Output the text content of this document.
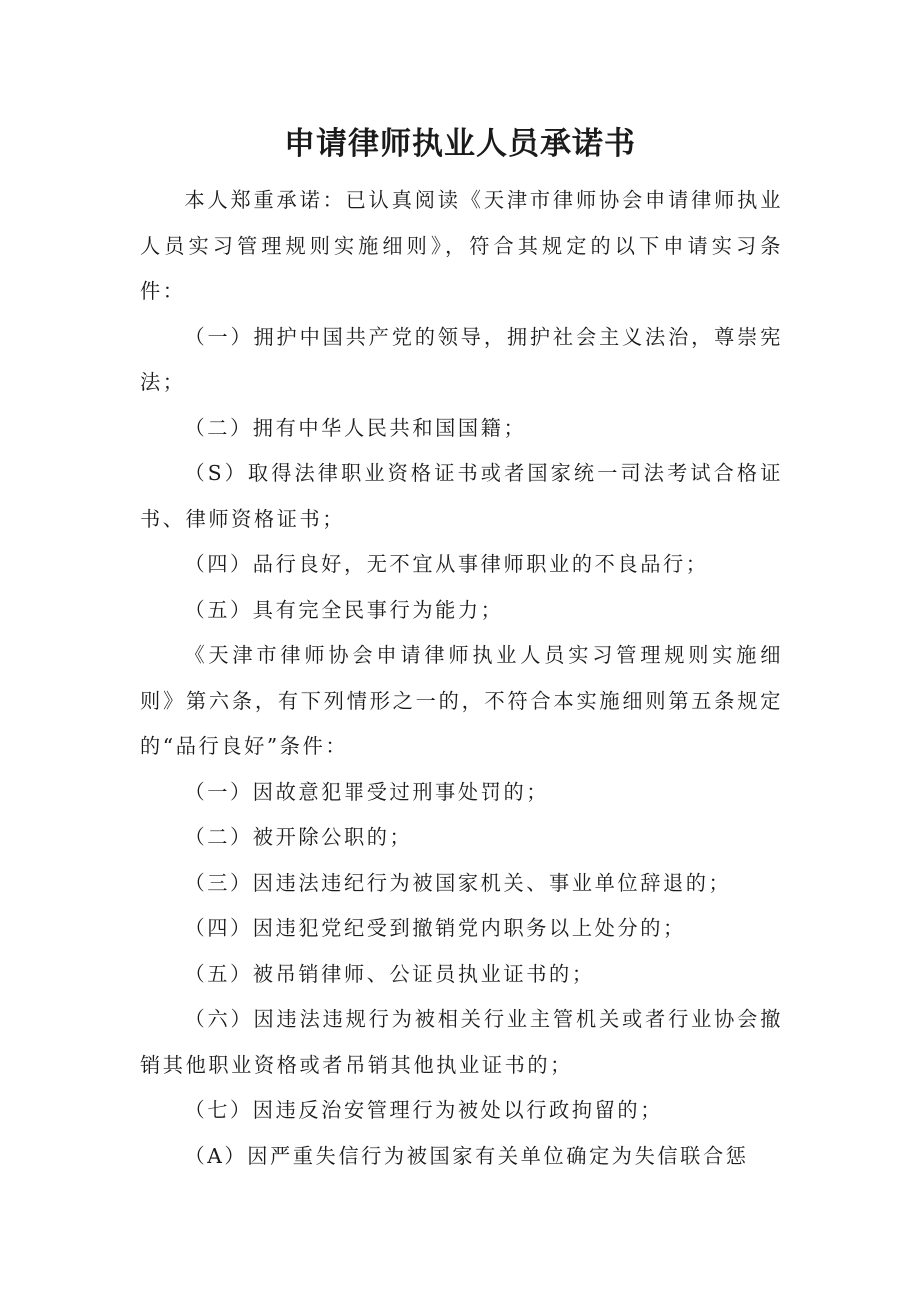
申请律师执业人员承诺书

本人郑重承诺：已认真阅读《天津市律师协会申请律师执业人员实习管理规则实施细则》，符合其规定的以下申请实习条件：

（一）拥护中国共产党的领导，拥护社会主义法治，尊崇宪法；

（二）拥有中华人民共和国国籍；

（S）取得法律职业资格证书或者国家统一司法考试合格证书、律师资格证书；

（四）品行良好，无不宜从事律师职业的不良品行；

（五）具有完全民事行为能力；

《天津市律师协会申请律师执业人员实习管理规则实施细则》第六条，有下列情形之一的，不符合本实施细则第五条规定的“品行良好”条件：

（一）因故意犯罪受过刑事处罚的；

（二）被开除公职的；

（三）因违法违纪行为被国家机关、事业单位辞退的；

（四）因违犯党纪受到撤销党内职务以上处分的；

（五）被吊销律师、公证员执业证书的；

（六）因违法违规行为被相关行业主管机关或者行业协会撤销其他职业资格或者吊销其他执业证书的；

（七）因违反治安管理行为被处以行政拘留的；

（A）因严重失信行为被国家有关单位确定为失信联合惩
